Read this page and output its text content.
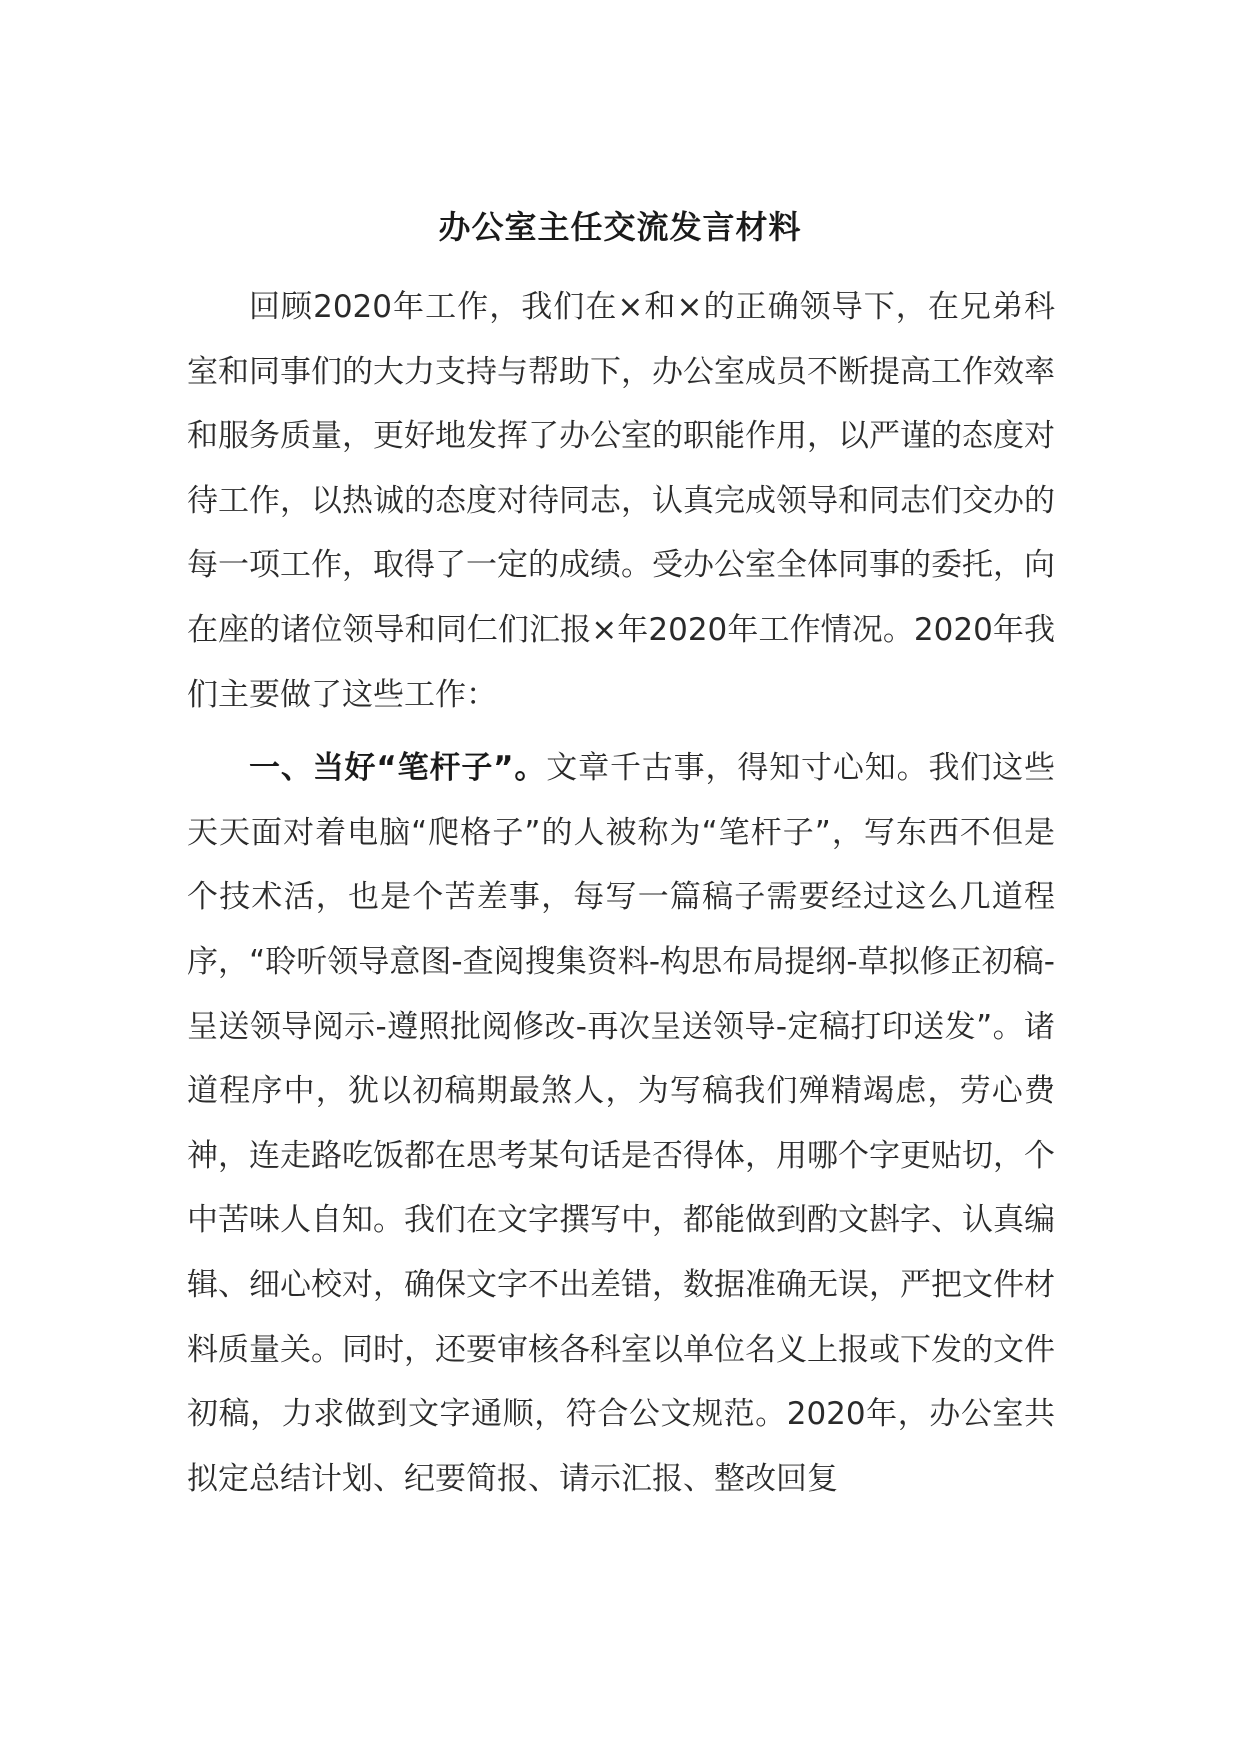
办公室主任交流发言材料

回顾2020年工作，我们在×和×的正确领导下，在兄弟科室和同事们的大力支持与帮助下，办公室成员不断提高工作效率和服务质量，更好地发挥了办公室的职能作用，以严谨的态度对待工作，以热诚的态度对待同志，认真完成领导和同志们交办的每一项工作，取得了一定的成绩。受办公室全体同事的委托，向在座的诸位领导和同仁们汇报×年2020年工作情况。2020年我们主要做了这些工作：

一、当好“笔杆子”。文章千古事，得知寸心知。我们这些天天面对着电脑“爬格子”的人被称为“笔杆子”，写东西不但是个技术活，也是个苦差事，每写一篇稿子需要经过这么几道程序，“聆听领导意图-查阅搜集资料-构思布局提纲-草拟修正初稿-呈送领导阅示-遵照批阅修改-再次呈送领导-定稿打印送发”。诸道程序中，犹以初稿期最煞人，为写稿我们殚精竭虑，劳心费神，连走路吃饭都在思考某句话是否得体，用哪个字更贴切，个中苦味人自知。我们在文字撰写中，都能做到酌文斟字、认真编辑、细心校对，确保文字不出差错，数据准确无误，严把文件材料质量关。同时，还要审核各科室以单位名义上报或下发的文件初稿，力求做到文字通顺，符合公文规范。2020年，办公室共拟定总结计划、纪要简报、请示汇报、整改回复
